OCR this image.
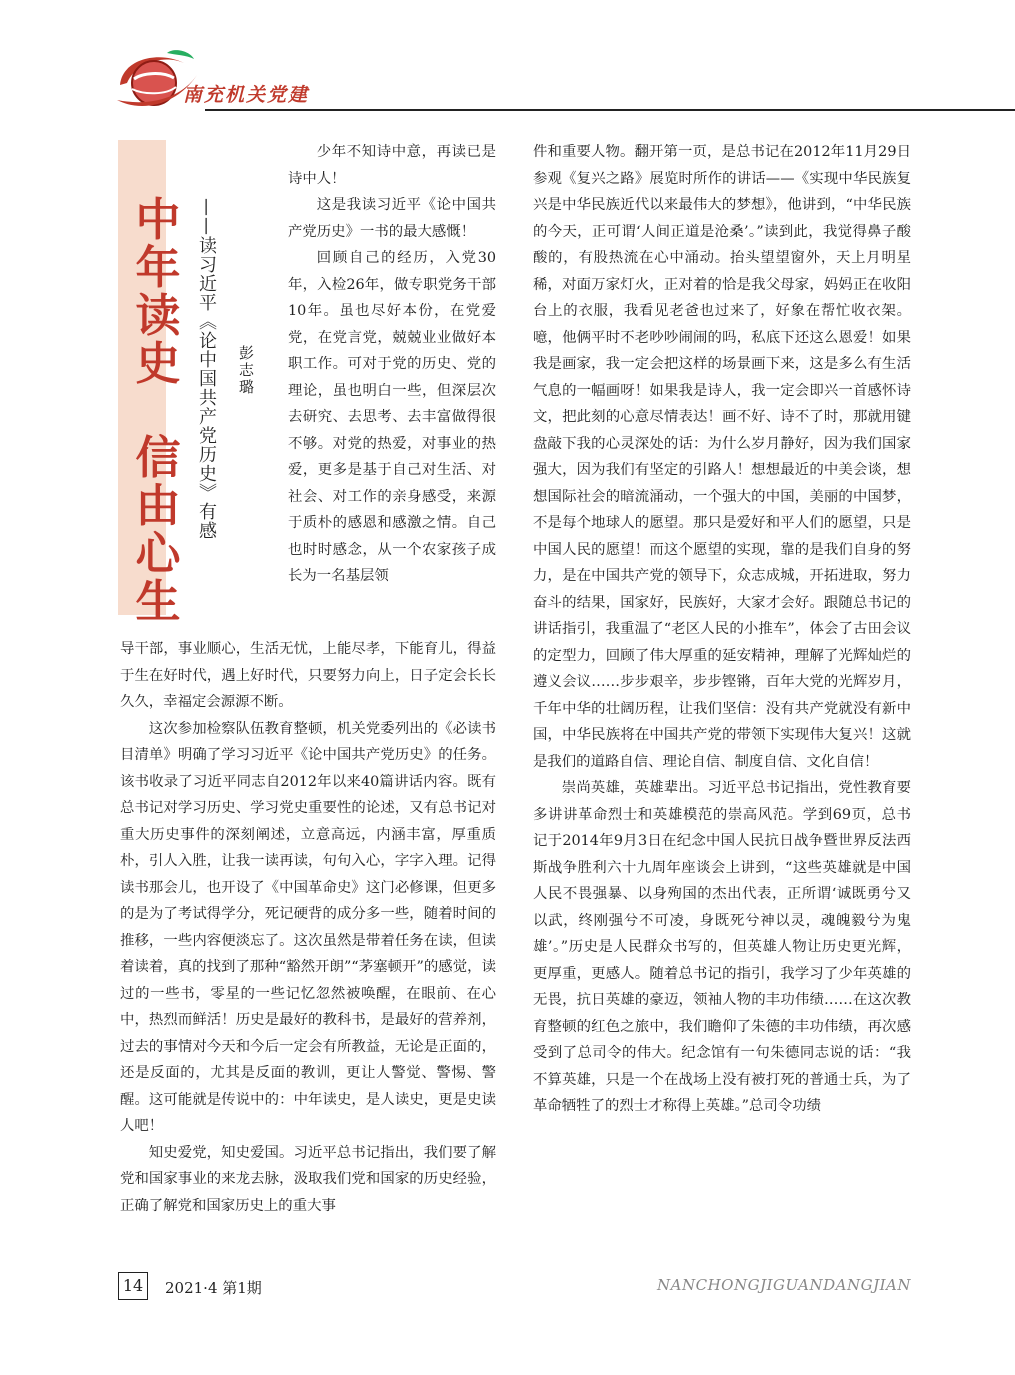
南充机关党建
中
年
读
史
信
由
心
生
——读习近平《论中国共产党历史》有感 彭志璐

少年不知诗中意，再读已是诗中人！

这是我读习近平《论中国共产党历史》一书的最大感慨！

回顾自己的经历，入党30年，入检26年，做专职党务干部10年。虽也尽好本份，在党爱党，在党言党，兢兢业业做好本职工作。可对于党的历史、党的理论，虽也明白一些，但深层次去研究、去思考、去丰富做得很不够。对党的热爱，对事业的热爱，更多是基于自己对生活、对社会、对工作的亲身感受，来源于质朴的感恩和感激之情。自己也时时感念，从一个农家孩子成长为一名基层领

导干部，事业顺心，生活无忧，上能尽孝，下能育儿，得益于生在好时代，遇上好时代，只要努力向上，日子定会长长久久，幸福定会源源不断。

这次参加检察队伍教育整顿，机关党委列出的《必读书目清单》明确了学习习近平《论中国共产党历史》的任务。该书收录了习近平同志自2012年以来40篇讲话内容。既有总书记对学习历史、学习党史重要性的论述，又有总书记对重大历史事件的深刻阐述，立意高远，内涵丰富，厚重质朴，引人入胜，让我一读再读，句句入心，字字入理。记得读书那会儿，也开设了《中国革命史》这门必修课，但更多的是为了考试得学分，死记硬背的成分多一些，随着时间的推移，一些内容便淡忘了。这次虽然是带着任务在读，但读着读着，真的找到了那种“豁然开朗”“茅塞顿开”的感觉，读过的一些书，零星的一些记忆忽然被唤醒，在眼前、在心中，热烈而鲜活！历史是最好的教科书，是最好的营养剂，过去的事情对今天和今后一定会有所教益，无论是正面的，还是反面的，尤其是反面的教训，更让人警觉、警惕、警醒。这可能就是传说中的：中年读史，是人读史，更是史读人吧！

知史爱党，知史爱国。习近平总书记指出，我们要了解党和国家事业的来龙去脉，汲取我们党和国家的历史经验，正确了解党和国家历史上的重大事

件和重要人物。翻开第一页，是总书记在2012年11月29日参观《复兴之路》展览时所作的讲话——《实现中华民族复兴是中华民族近代以来最伟大的梦想》，他讲到，“中华民族的今天，正可谓‘人间正道是沧桑’。”读到此，我觉得鼻子酸酸的，有股热流在心中涌动。抬头望望窗外，天上月明星稀，对面万家灯火，正对着的恰是我父母家，妈妈正在收阳台上的衣服，我看见老爸也过来了，好象在帮忙收衣架。噫，他俩平时不老吵吵闹闹的吗，私底下还这么恩爱！如果我是画家，我一定会把这样的场景画下来，这是多么有生活气息的一幅画呀！如果我是诗人，我一定会即兴一首感怀诗文，把此刻的心意尽情表达！画不好、诗不了时，那就用键盘敲下我的心灵深处的话：为什么岁月静好，因为我们国家强大，因为我们有坚定的引路人！想想最近的中美会谈，想想国际社会的暗流涌动，一个强大的中国，美丽的中国梦，不是每个地球人的愿望。那只是爱好和平人们的愿望，只是中国人民的愿望！而这个愿望的实现，靠的是我们自身的努力，是在中国共产党的领导下，众志成城，开拓进取，努力奋斗的结果，国家好，民族好，大家才会好。跟随总书记的讲话指引，我重温了“老区人民的小推车”，体会了古田会议的定型力，回顾了伟大厚重的延安精神，理解了光辉灿烂的遵义会议……步步艰辛，步步铿锵，百年大党的光辉岁月，千年中华的壮阔历程，让我们坚信：没有共产党就没有新中国，中华民族将在中国共产党的带领下实现伟大复兴！这就是我们的道路自信、理论自信、制度自信、文化自信！

崇尚英雄，英雄辈出。习近平总书记指出，党性教育要多讲讲革命烈士和英雄模范的崇高风范。学到69页，总书记于2014年9月3日在纪念中国人民抗日战争暨世界反法西斯战争胜利六十九周年座谈会上讲到，“这些英雄就是中国人民不畏强暴、以身殉国的杰出代表，正所谓‘诚既勇兮又以武，终刚强兮不可凌，身既死兮神以灵，魂魄毅兮为鬼雄’。”历史是人民群众书写的，但英雄人物让历史更光辉，更厚重，更感人。随着总书记的指引，我学习了少年英雄的无畏，抗日英雄的豪迈，领袖人物的丰功伟绩……在这次教育整顿的红色之旅中，我们瞻仰了朱德的丰功伟绩，再次感受到了总司令的伟大。纪念馆有一句朱德同志说的话：“我不算英雄，只是一个在战场上没有被打死的普通士兵，为了革命牺牲了的烈士才称得上英雄。”总司令功绩

14	2021·4 第1期	NANCHONGJIGUANDANGJIAN
